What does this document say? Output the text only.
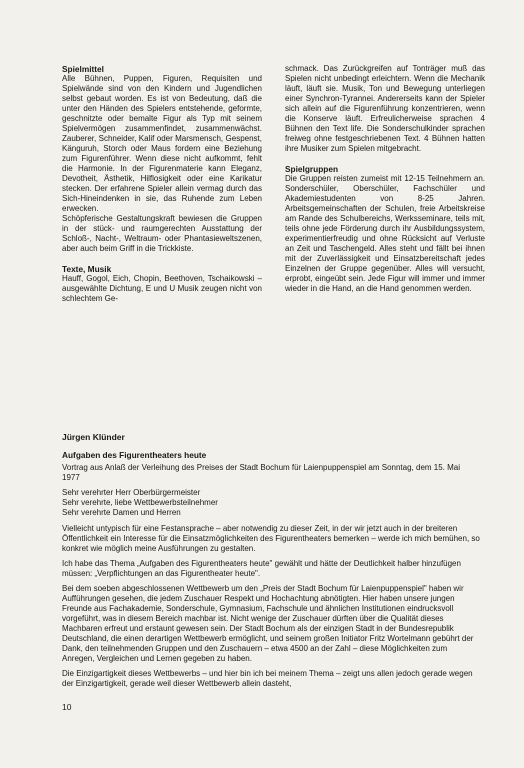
Spielmittel

Alle Bühnen, Puppen, Figuren, Requisiten und Spielwände sind von den Kindern und Jugendlichen selbst gebaut worden. Es ist von Bedeutung, daß die unter den Händen des Spielers entstehende, geformte, geschnitzte oder bemalte Figur als Typ mit seinem Spielvermögen zusammenfindet, zusammenwächst. Zauberer, Schneider, Kalif oder Marsmensch, Gespenst, Känguruh, Storch oder Maus fordern eine Beziehung zum Figurenführer. Wenn diese nicht aufkommt, fehlt die Harmonie. In der Figurenmaterie kann Eleganz, Devotheit, Ästhetik, Hilflosigkeit oder eine Karikatur stecken. Der erfahrene Spieler allein vermag durch das Sich-Hineindenken in sie, das Ruhende zum Leben erwecken.

Schöpferische Gestaltungskraft bewiesen die Gruppen in der stück- und raumgerechten Ausstattung der Schloß-, Nacht-, Weltraum- oder Phantasieweltszenen, aber auch beim Griff in die Trickkiste.

Texte, Musik

Hauff, Gogol, Eich, Chopin, Beethoven, Tschaikowski – ausgewählte Dichtung, E und U Musik zeugen nicht von schlechtem Ge-

schmack. Das Zurückgreifen auf Tonträger muß das Spielen nicht unbedingt erleichtern. Wenn die Mechanik läuft, läuft sie. Musik, Ton und Bewegung unterliegen einer Synchron-Tyrannei. Andererseits kann der Spieler sich allein auf die Figurenführung konzentrieren, wenn die Konserve läuft. Erfreulicherweise sprachen 4 Bühnen den Text life. Die Sonderschulkinder sprachen freiweg ohne festgeschriebenen Text. 4 Bühnen hatten ihre Musiker zum Spielen mitgebracht.

Spielgruppen

Die Gruppen reisten zumeist mit 12-15 Teilnehmern an. Sonderschüler, Oberschüler, Fachschüler und Akademiestudenten von 8-25 Jahren. Arbeitsgemeinschaften der Schulen, freie Arbeitskreise am Rande des Schulbereichs, Werksseminare, teils mit, teils ohne jede Förderung durch ihr Ausbildungssystem, experimentierfreudig und ohne Rücksicht auf Verluste an Zeit und Taschengeld. Alles steht und fällt bei ihnen mit der Zuverlässigkeit und Einsatzbereitschaft jedes Einzelnen der Gruppe gegenüber. Alles will versucht, erprobt, eingeübt sein. Jede Figur will immer und immer wieder in die Hand, an die Hand genommen werden.

Jürgen Klünder

Aufgaben des Figurentheaters heute

Vortrag aus Anlaß der Verleihung des Preises der Stadt Bochum für Laienpuppenspiel am Sonntag, dem 15. Mai 1977

Sehr verehrter Herr Oberbürgermeister

Sehr verehrte, liebe Wettbewerbsteilnehmer

Sehr verehrte Damen und Herren

Vielleicht untypisch für eine Festansprache – aber notwendig zu dieser Zeit, in der wir jetzt auch in der breiteren Öffentlichkeit ein Interesse für die Einsatzmöglichkeiten des Figurentheaters bemerken – werde ich mich bemühen, so konkret wie möglich meine Ausführungen zu gestalten.

Ich habe das Thema „Aufgaben des Figurentheaters heute" gewählt und hätte der Deutlichkeit halber hinzufügen müssen: „Verpflichtungen an das Figurentheater heute".

Bei dem soeben abgeschlossenen Wettbewerb um den „Preis der Stadt Bochum für Laienpuppenspiel" haben wir Aufführungen gesehen, die jedem Zuschauer Respekt und Hochachtung abnötigten. Hier haben unsere jungen Freunde aus Fachakademie, Sonderschule, Gymnasium, Fachschule und ähnlichen Institutionen eindrucksvoll vorgeführt, was in diesem Bereich machbar ist. Nicht wenige der Zuschauer dürften über die Qualität dieses Machbaren erfreut und erstaunt gewesen sein. Der Stadt Bochum als der einzigen Stadt in der Bundesrepublik Deutschland, die einen derartigen Wettbewerb ermöglicht, und seinem großen Initiator Fritz Wortelmann gebührt der Dank, den teilnehmenden Gruppen und den Zuschauern – etwa 4500 an der Zahl – diese Möglichkeiten zum Anregen, Vergleichen und Lernen gegeben zu haben.

Die Einzigartigkeit dieses Wettbewerbs – und hier bin ich bei meinem Thema – zeigt uns allen jedoch gerade wegen der Einzigartigkeit, gerade weil dieser Wettbewerb allein dasteht,

10
